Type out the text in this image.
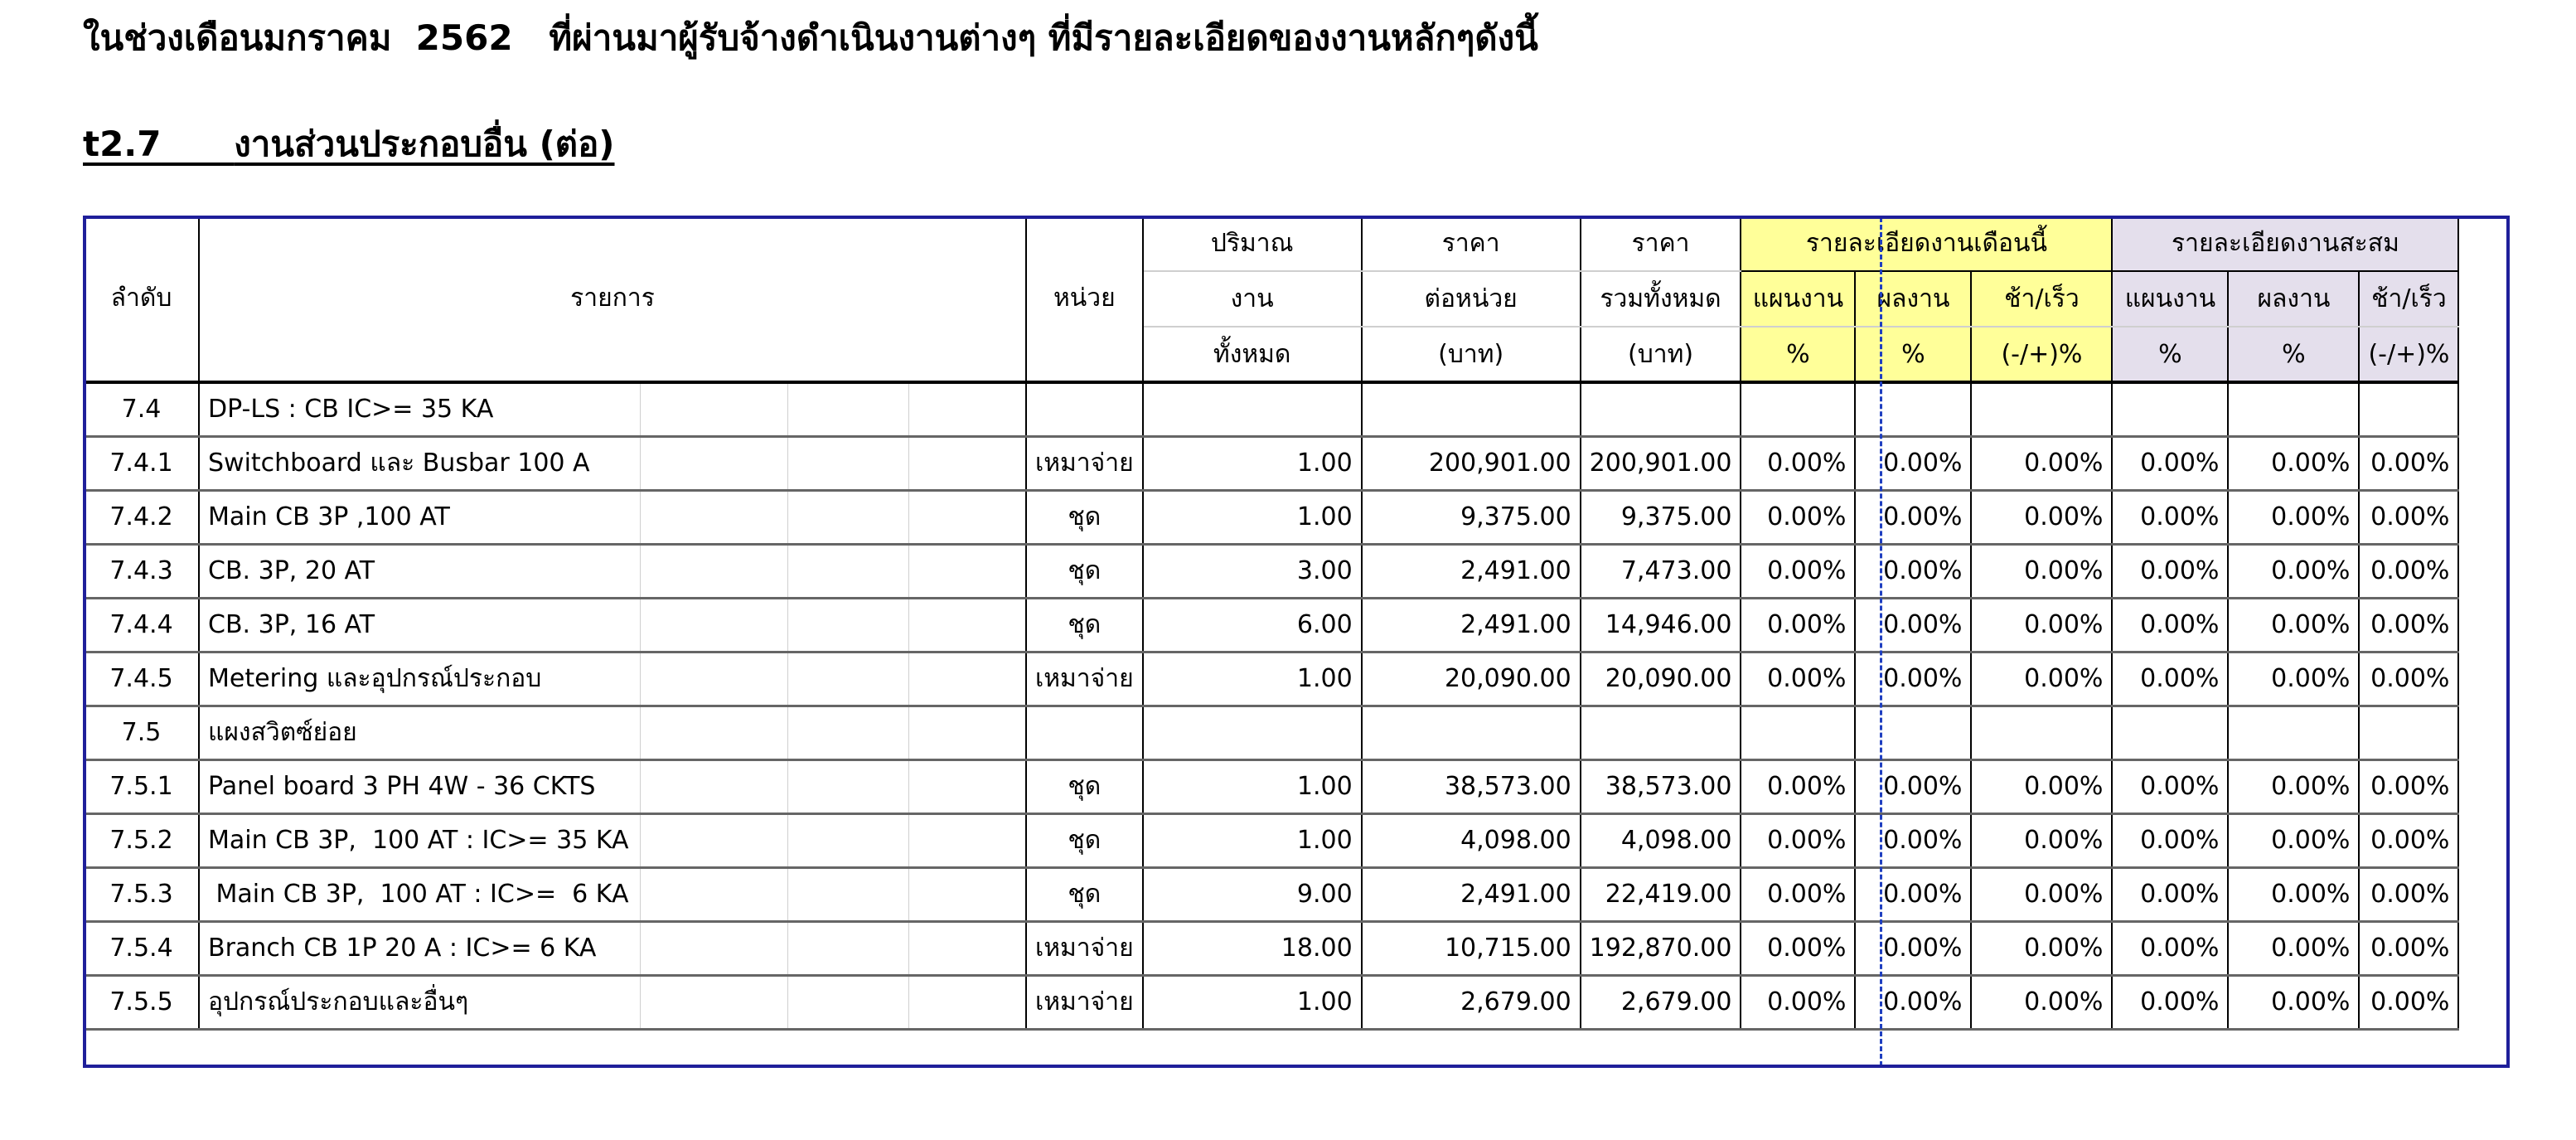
ในช่วงเดือนมกราคม  2562   ที่ผ่านมาผู้รับจ้างดำเนินงานต่างๆ ที่มีรายละเอียดของงานหลักๆดังนี้
t2.7 งานส่วนประกอบอื่น (ต่อ)
ลำดับ	รายการ				หน่วย	ปริมาณ	ราคา	ราคา	รายละเอียดงานเดือนนี้			รายละเอียดงานสะสม		
						งาน	ต่อหน่วย	รวมทั้งหมด	แผนงาน	ผลงาน	ช้า/เร็ว	แผนงาน	ผลงาน	ช้า/เร็ว
						ทั้งหมด	(บาท)	(บาท)	%	%	(-/+)%	%	%	(-/+)%
7.4	DP-LS : CB IC>= 35 KA													
7.4.1	Switchboard และ Busbar 100 A				เหมาจ่าย	1.00	200,901.00	200,901.00	0.00%	0.00%	0.00%	0.00%	0.00%	0.00%
7.4.2	Main CB 3P ,100 AT				ชุด	1.00	9,375.00	9,375.00	0.00%	0.00%	0.00%	0.00%	0.00%	0.00%
7.4.3	CB. 3P, 20 AT				ชุด	3.00	2,491.00	7,473.00	0.00%	0.00%	0.00%	0.00%	0.00%	0.00%
7.4.4	CB. 3P, 16 AT				ชุด	6.00	2,491.00	14,946.00	0.00%	0.00%	0.00%	0.00%	0.00%	0.00%
7.4.5	Metering และอุปกรณ์ประกอบ				เหมาจ่าย	1.00	20,090.00	20,090.00	0.00%	0.00%	0.00%	0.00%	0.00%	0.00%
7.5	แผงสวิตซ์ย่อย													
7.5.1	Panel board 3 PH 4W - 36 CKTS				ชุด	1.00	38,573.00	38,573.00	0.00%	0.00%	0.00%	0.00%	0.00%	0.00%
7.5.2	Main CB 3P,  100 AT : IC>= 35 KA				ชุด	1.00	4,098.00	4,098.00	0.00%	0.00%	0.00%	0.00%	0.00%	0.00%
7.5.3	Main CB 3P,  100 AT : IC>=  6 KA				ชุด	9.00	2,491.00	22,419.00	0.00%	0.00%	0.00%	0.00%	0.00%	0.00%
7.5.4	Branch CB 1P 20 A : IC>= 6 KA				เหมาจ่าย	18.00	10,715.00	192,870.00	0.00%	0.00%	0.00%	0.00%	0.00%	0.00%
7.5.5	อุปกรณ์ประกอบและอื่นๆ				เหมาจ่าย	1.00	2,679.00	2,679.00	0.00%	0.00%	0.00%	0.00%	0.00%	0.00%
